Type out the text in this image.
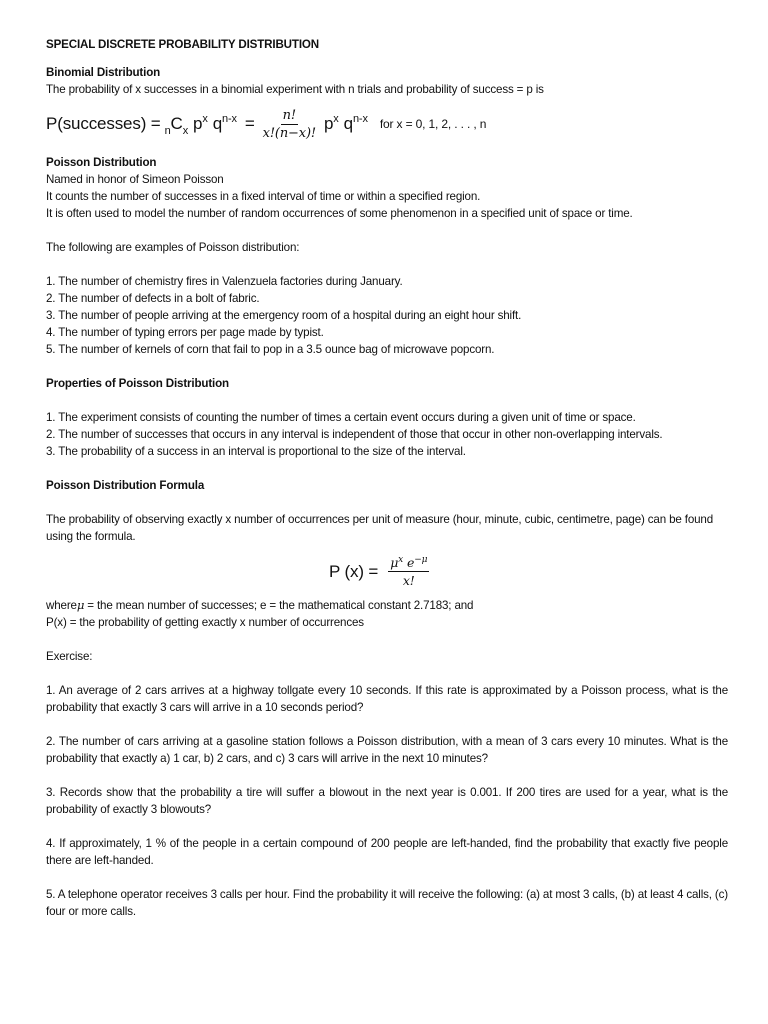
SPECIAL DISCRETE PROBABILITY DISTRIBUTION

Binomial Distribution

The probability of x successes in a binomial experiment with n trials and probability of success = p is

P(successes) = $_nC_x$ $p^x$ $q^{n-x} = \frac{n!}{x!(n-x)!} p^x$ $q^{n-x}$ for x = 0, 1, 2, . . . , n

Poisson Distribution

Named in honor of Simeon Poisson

It counts the number of successes in a fixed interval of time or within a specified region.

It is often used to model the number of random occurrences of some phenomenon in a specified unit of space or time.

The following are examples of Poisson distribution:

1. The number of chemistry fires in Valenzuela factories during January.

2. The number of defects in a bolt of fabric.

3. The number of people arriving at the emergency room of a hospital during an eight hour shift.

4. The number of typing errors per page made by typist.

5. The number of kernels of corn that fail to pop in a 3.5 ounce bag of microwave popcorn.

Properties of Poisson Distribution

1. The experiment consists of counting the number of times a certain event occurs during a given unit of time or space.

2. The number of successes that occurs in any interval is independent of those that occur in other non-overlapping intervals.

3. The probability of a success in an interval is proportional to the size of the interval.

Poisson Distribution Formula

The probability of observing exactly x number of occurrences per unit of measure (hour, minute, cubic, centimetre, page) can be found using the formula.

P $(x) = \frac{\mu^x e^{-\mu}}{x!}$

whereμ = the mean number of successes; e = the mathematical constant 2.7183; and

P(x) = the probability of getting exactly x number of occurrences

Exercise:

1. An average of 2 cars arrives at a highway tollgate every 10 seconds. If this rate is approximated by a Poisson process, what is the probability that exactly 3 cars will arrive in a 10 seconds period?

2. The number of cars arriving at a gasoline station follows a Poisson distribution, with a mean of 3 cars every 10 minutes. What is the probability that exactly a) 1 car, b) 2 cars, and c) 3 cars will arrive in the next 10 minutes?

3. Records show that the probability a tire will suffer a blowout in the next year is 0.001. If 200 tires are used for a year, what is the probability of exactly 3 blowouts?

4. If approximately, 1 % of the people in a certain compound of 200 people are left-handed, find the probability that exactly five people there are left-handed.

5. A telephone operator receives 3 calls per hour. Find the probability it will receive the following: (a) at most 3 calls, (b) at least 4 calls, (c) four or more calls.
